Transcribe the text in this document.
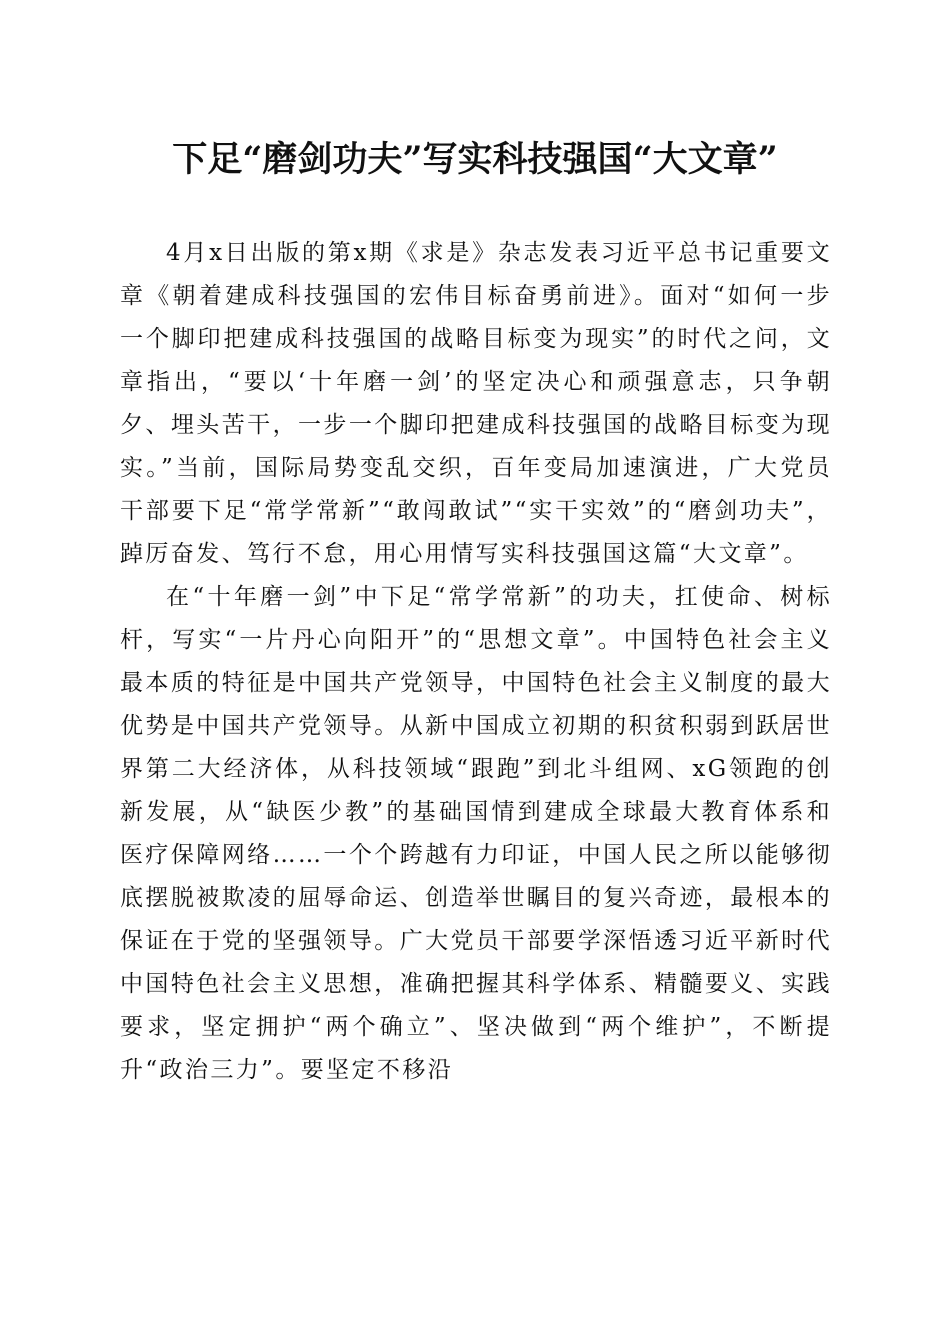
下足“磨剑功夫”写实科技强国“大文章”

4月x日出版的第x期《求是》杂志发表习近平总书记重要文章《朝着建成科技强国的宏伟目标奋勇前进》。面对“如何一步一个脚印把建成科技强国的战略目标变为现实”的时代之问，文章指出，“要以‘十年磨一剑’的坚定决心和顽强意志，只争朝夕、埋头苦干，一步一个脚印把建成科技强国的战略目标变为现实。”当前，国际局势变乱交织，百年变局加速演进，广大党员干部要下足“常学常新”“敢闯敢试”“实干实效”的“磨剑功夫”，踔厉奋发、笃行不怠，用心用情写实科技强国这篇“大文章”。

在“十年磨一剑”中下足“常学常新”的功夫，扛使命、树标杆，写实“一片丹心向阳开”的“思想文章”。中国特色社会主义最本质的特征是中国共产党领导，中国特色社会主义制度的最大优势是中国共产党领导。从新中国成立初期的积贫积弱到跃居世界第二大经济体，从科技领域“跟跑”到北斗组网、xG领跑的创新发展，从“缺医少教”的基础国情到建成全球最大教育体系和医疗保障网络……一个个跨越有力印证，中国人民之所以能够彻底摆脱被欺凌的屈辱命运、创造举世瞩目的复兴奇迹，最根本的保证在于党的坚强领导。广大党员干部要学深悟透习近平新时代中国特色社会主义思想，准确把握其科学体系、精髓要义、实践要求，坚定拥护“两个确立”、坚决做到“两个维护”，不断提升“政治三力”。要坚定不移沿
